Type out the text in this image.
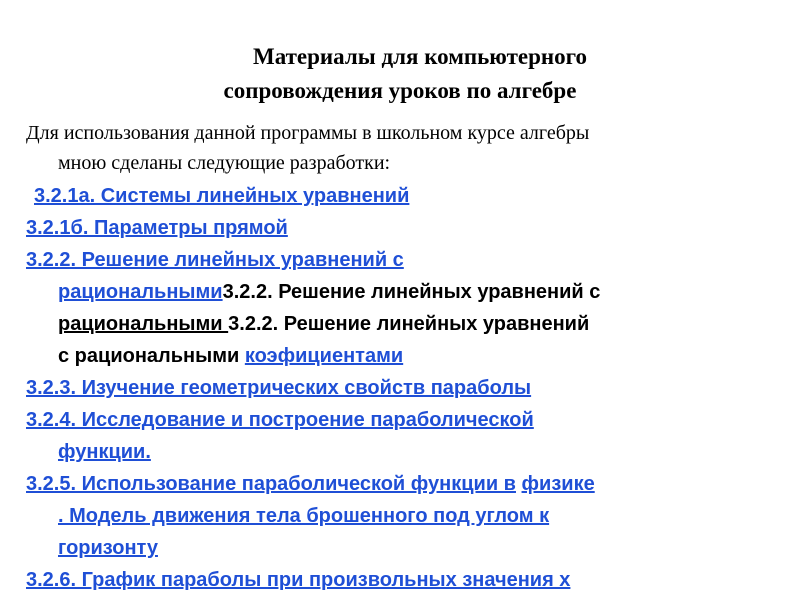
Материалы для компьютерного
сопровождения уроков по алгебре
Для использования данной программы в школьном курсе алгебры
мною сделаны следующие разработки:
3.2.1а. Системы линейных уравнений
3.2.1б. Параметры прямой
3.2.2. Решение линейных уравнений с
рациональными3.2.2. Решение линейных уравнений с
рациональными 3.2.2. Решение линейных уравнений
с рациональными коэфициентами
3.2.3. Изучение геометрических свойств параболы
3.2.4. Исследование и построение параболической
функции.
3.2.5. Использование параболической функции в физике
. Модель движения тела брошенного под углом к
горизонту
3.2.6. График параболы при произвольных значения x
